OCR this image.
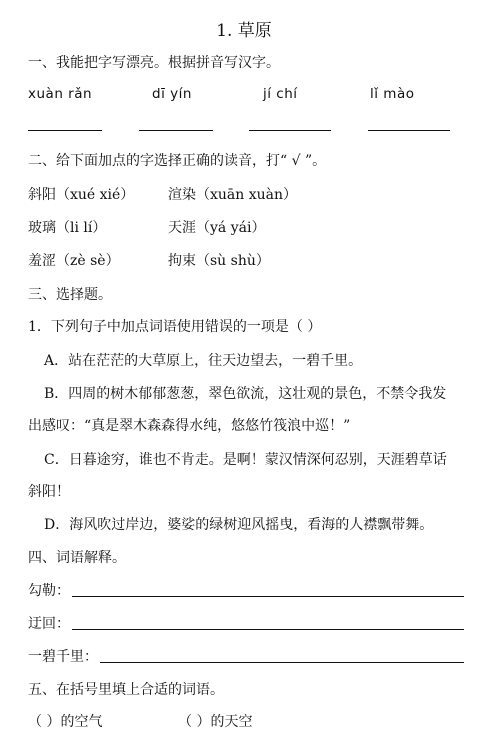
1. 草原
一、我能把字写漂亮。根据拼音写汉字。
xuàn rǎn	dī yín	jí chí	lǐ mào
二、给下面加点的字选择正确的读音，打“ √ ”。
斜阳（xué xié） 渲染（xuān xuàn）
玻璃（li lí）	天涯（yá yái）
羞涩（zè sè）	拘束（sù shù）
三、选择题。
1．下列句子中加点词语使用错误的一项是（ ）
A．站在茫茫的大草原上，往天边望去，一碧千里。
B．四周的树木郁郁葱葱，翠色欲流，这壮观的景色，不禁令我发
出感叹：“真是翠木森森得水纯，悠悠竹筏浪中巡！”
C．日暮途穷，谁也不肯走。是啊！蒙汉情深何忍别，天涯碧草话
斜阳！
D．海风吹过岸边，婆娑的绿树迎风摇曳，看海的人襟飘带舞。
四、词语解释。
勾勒：
迂回：
一碧千里：
五、在括号里填上合适的词语。
（ ）的空气	（ ）的天空
